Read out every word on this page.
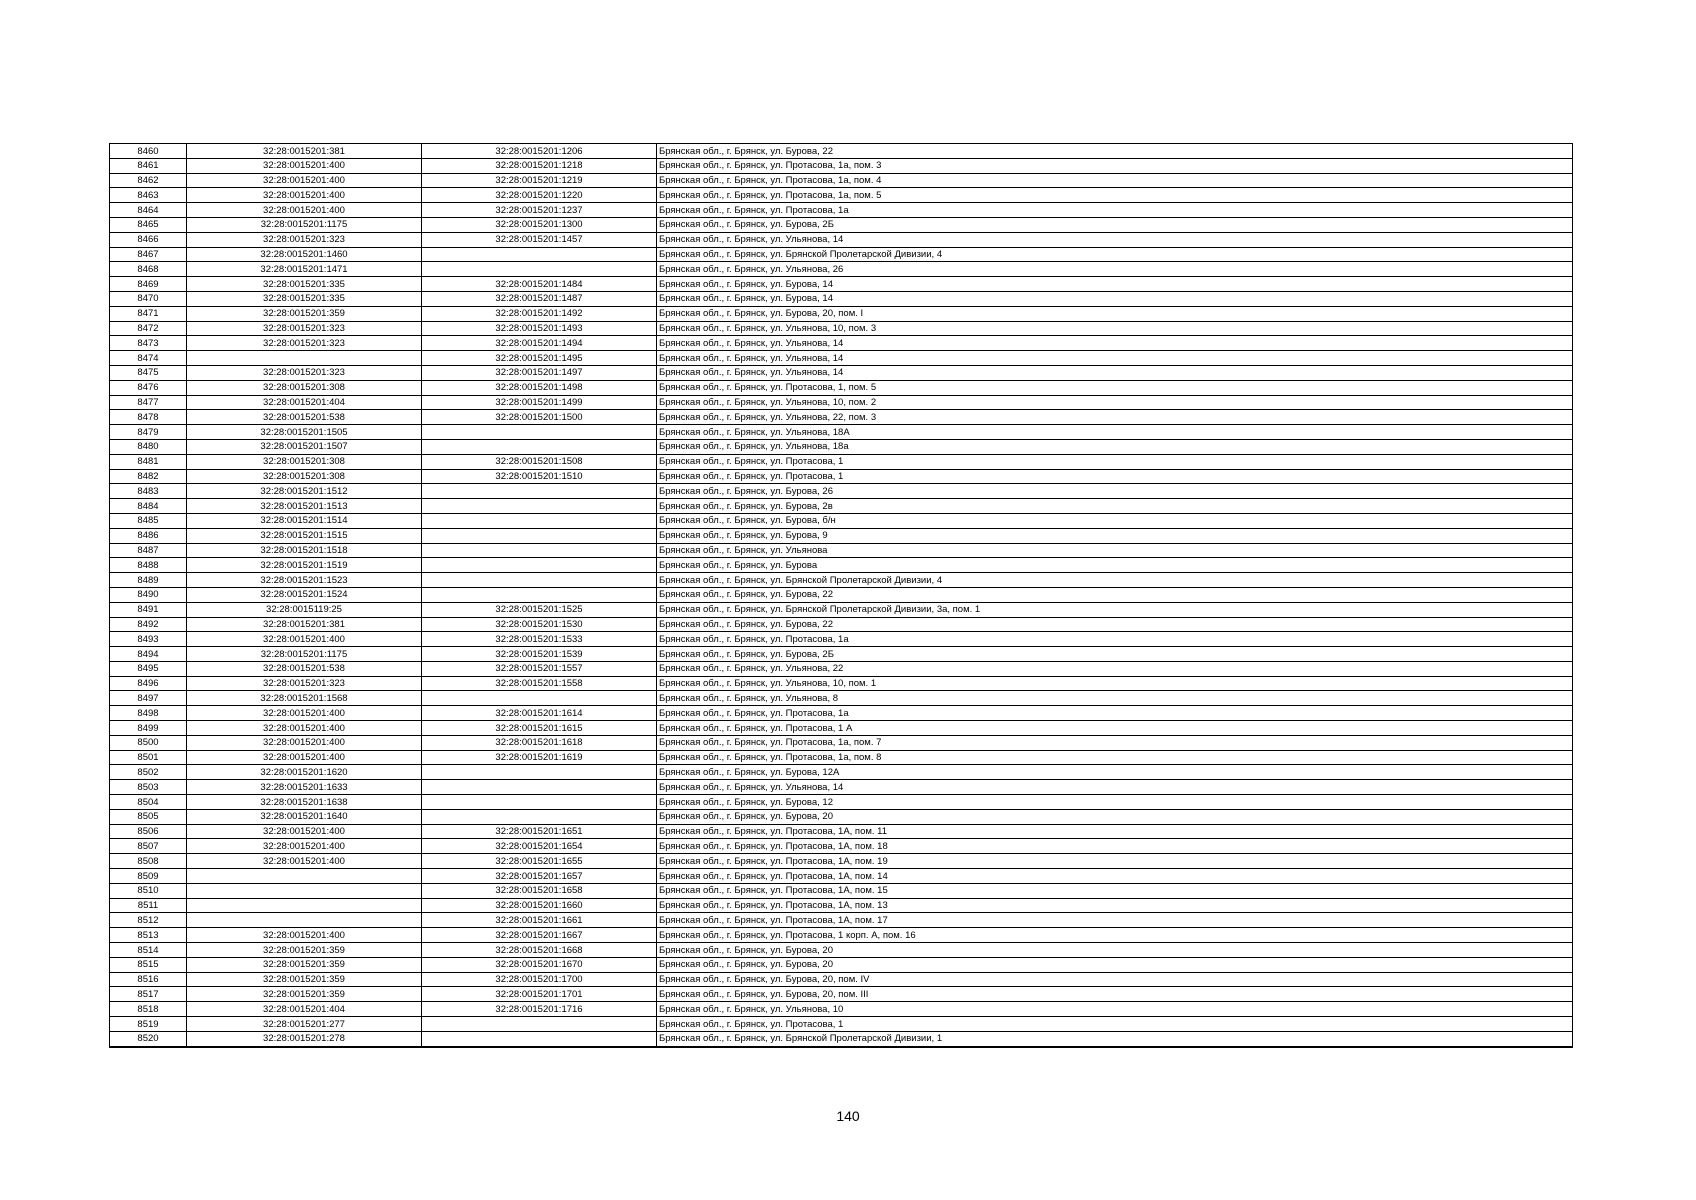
8460	32:28:0015201:381	32:28:0015201:1206	Брянская обл., г. Брянск, ул. Бурова, 22
8461	32:28:0015201:400	32:28:0015201:1218	Брянская обл., г. Брянск, ул. Протасова, 1а, пом. 3
8462	32:28:0015201:400	32:28:0015201:1219	Брянская обл., г. Брянск, ул. Протасова, 1а, пом. 4
8463	32:28:0015201:400	32:28:0015201:1220	Брянская обл., г. Брянск, ул. Протасова, 1а, пом. 5
8464	32:28:0015201:400	32:28:0015201:1237	Брянская обл., г. Брянск, ул. Протасова, 1а
8465	32:28:0015201:1175	32:28:0015201:1300	Брянская обл., г. Брянск, ул. Бурова, 2Б
8466	32:28:0015201:323	32:28:0015201:1457	Брянская обл., г. Брянск, ул. Ульянова, 14
8467	32:28:0015201:1460		Брянская обл., г. Брянск, ул. Брянской Пролетарской Дивизии, 4
8468	32:28:0015201:1471		Брянская обл., г. Брянск, ул. Ульянова, 26
8469	32:28:0015201:335	32:28:0015201:1484	Брянская обл., г. Брянск, ул. Бурова, 14
8470	32:28:0015201:335	32:28:0015201:1487	Брянская обл., г. Брянск, ул. Бурова, 14
8471	32:28:0015201:359	32:28:0015201:1492	Брянская обл., г. Брянск, ул. Бурова, 20, пом. I
8472	32:28:0015201:323	32:28:0015201:1493	Брянская обл., г. Брянск, ул. Ульянова, 10, пом. 3
8473	32:28:0015201:323	32:28:0015201:1494	Брянская обл., г. Брянск, ул. Ульянова, 14
8474		32:28:0015201:1495	Брянская обл., г. Брянск, ул. Ульянова, 14
8475	32:28:0015201:323	32:28:0015201:1497	Брянская обл., г. Брянск, ул. Ульянова, 14
8476	32:28:0015201:308	32:28:0015201:1498	Брянская обл., г. Брянск, ул. Протасова, 1, пом. 5
8477	32:28:0015201:404	32:28:0015201:1499	Брянская обл., г. Брянск, ул. Ульянова, 10, пом. 2
8478	32:28:0015201:538	32:28:0015201:1500	Брянская обл., г. Брянск, ул. Ульянова, 22, пом. 3
8479	32:28:0015201:1505		Брянская обл., г. Брянск, ул. Ульянова, 18А
8480	32:28:0015201:1507		Брянская обл., г. Брянск, ул. Ульянова, 18а
8481	32:28:0015201:308	32:28:0015201:1508	Брянская обл., г. Брянск, ул. Протасова, 1
8482	32:28:0015201:308	32:28:0015201:1510	Брянская обл., г. Брянск, ул. Протасова, 1
8483	32:28:0015201:1512		Брянская обл., г. Брянск, ул. Бурова, 26
8484	32:28:0015201:1513		Брянская обл., г. Брянск, ул. Бурова, 2в
8485	32:28:0015201:1514		Брянская обл., г. Брянск, ул. Бурова, б/н
8486	32:28:0015201:1515		Брянская обл., г. Брянск, ул. Бурова, 9
8487	32:28:0015201:1518		Брянская обл., г. Брянск, ул. Ульянова
8488	32:28:0015201:1519		Брянская обл., г. Брянск, ул. Бурова
8489	32:28:0015201:1523		Брянская обл., г. Брянск, ул. Брянской Пролетарской Дивизии, 4
8490	32:28:0015201:1524		Брянская обл., г. Брянск, ул. Бурова, 22
8491	32:28:0015119:25	32:28:0015201:1525	Брянская обл., г. Брянск, ул. Брянской Пролетарской Дивизии, 3а, пом. 1
8492	32:28:0015201:381	32:28:0015201:1530	Брянская обл., г. Брянск, ул. Бурова, 22
8493	32:28:0015201:400	32:28:0015201:1533	Брянская обл., г. Брянск, ул. Протасова, 1а
8494	32:28:0015201:1175	32:28:0015201:1539	Брянская обл., г. Брянск, ул. Бурова, 2Б
8495	32:28:0015201:538	32:28:0015201:1557	Брянская обл., г. Брянск, ул. Ульянова, 22
8496	32:28:0015201:323	32:28:0015201:1558	Брянская обл., г. Брянск, ул. Ульянова, 10, пом. 1
8497	32:28:0015201:1568		Брянская обл., г. Брянск, ул. Ульянова, 8
8498	32:28:0015201:400	32:28:0015201:1614	Брянская обл., г. Брянск, ул. Протасова, 1а
8499	32:28:0015201:400	32:28:0015201:1615	Брянская обл., г. Брянск, ул. Протасова, 1 А
8500	32:28:0015201:400	32:28:0015201:1618	Брянская обл., г. Брянск, ул. Протасова, 1а, пом. 7
8501	32:28:0015201:400	32:28:0015201:1619	Брянская обл., г. Брянск, ул. Протасова, 1а, пом. 8
8502	32:28:0015201:1620		Брянская обл., г. Брянск, ул. Бурова, 12А
8503	32:28:0015201:1633		Брянская обл., г. Брянск, ул. Ульянова, 14
8504	32:28:0015201:1638		Брянская обл., г. Брянск, ул. Бурова, 12
8505	32:28:0015201:1640		Брянская обл., г. Брянск, ул. Бурова, 20
8506	32:28:0015201:400	32:28:0015201:1651	Брянская обл., г. Брянск, ул. Протасова, 1А, пом. 11
8507	32:28:0015201:400	32:28:0015201:1654	Брянская обл., г. Брянск, ул. Протасова, 1А, пом. 18
8508	32:28:0015201:400	32:28:0015201:1655	Брянская обл., г. Брянск, ул. Протасова, 1А, пом. 19
8509		32:28:0015201:1657	Брянская обл., г. Брянск, ул. Протасова, 1А, пом. 14
8510		32:28:0015201:1658	Брянская обл., г. Брянск, ул. Протасова, 1А, пом. 15
8511		32:28:0015201:1660	Брянская обл., г. Брянск, ул. Протасова, 1А, пом. 13
8512		32:28:0015201:1661	Брянская обл., г. Брянск, ул. Протасова, 1А, пом. 17
8513	32:28:0015201:400	32:28:0015201:1667	Брянская обл., г. Брянск, ул. Протасова, 1 корп. А, пом. 16
8514	32:28:0015201:359	32:28:0015201:1668	Брянская обл., г. Брянск, ул. Бурова, 20
8515	32:28:0015201:359	32:28:0015201:1670	Брянская обл., г. Брянск, ул. Бурова, 20
8516	32:28:0015201:359	32:28:0015201:1700	Брянская обл., г. Брянск, ул. Бурова, 20, пом. IV
8517	32:28:0015201:359	32:28:0015201:1701	Брянская обл., г. Брянск, ул. Бурова, 20, пом. III
8518	32:28:0015201:404	32:28:0015201:1716	Брянская обл., г. Брянск, ул. Ульянова, 10
8519	32:28:0015201:277		Брянская обл., г. Брянск, ул. Протасова, 1
8520	32:28:0015201:278		Брянская обл., г. Брянск, ул. Брянской Пролетарской Дивизии, 1
140
